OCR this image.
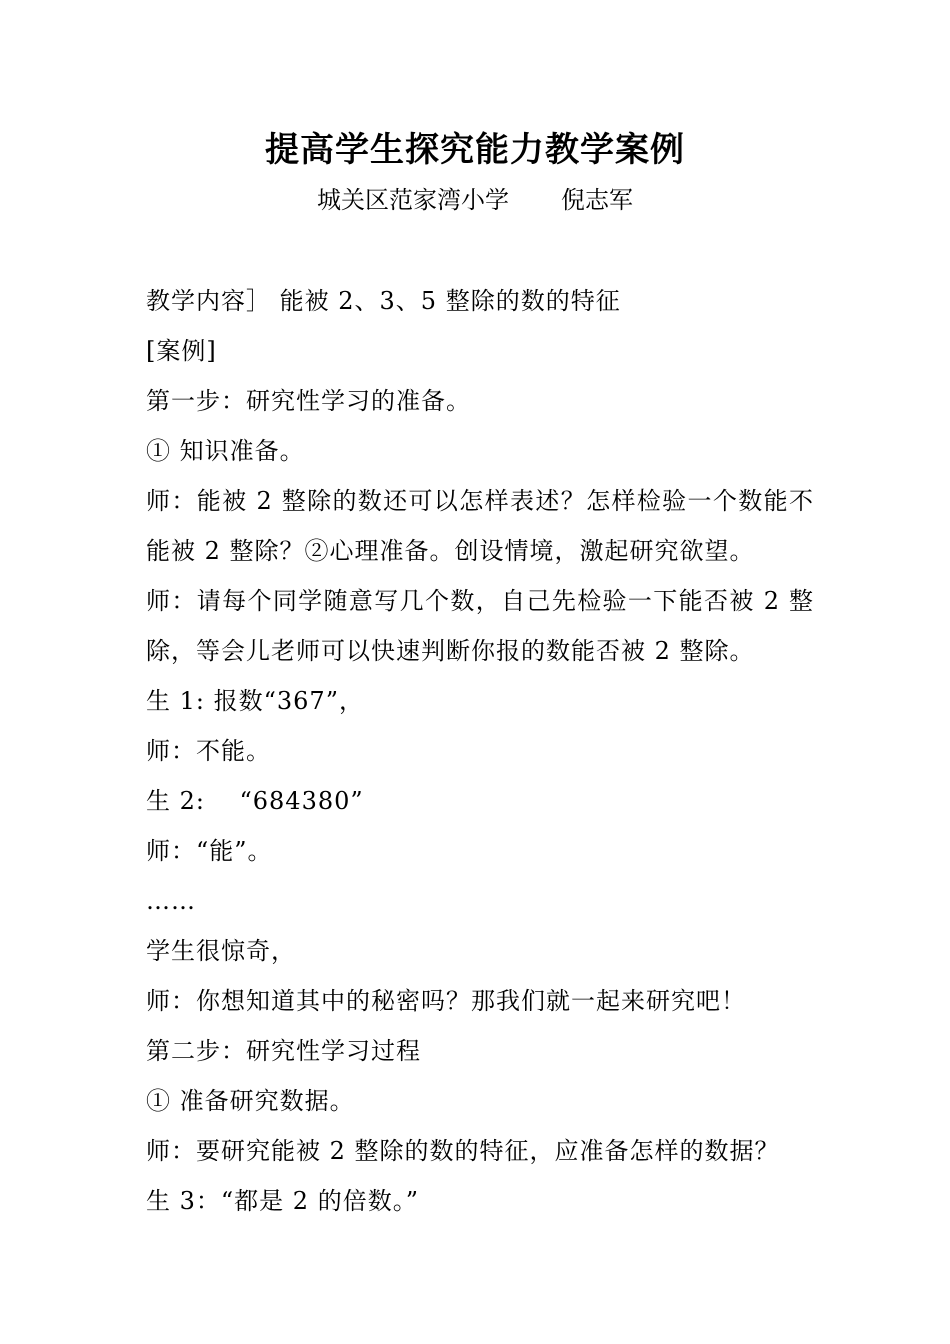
提高学生探究能力教学案例
城关区范家湾小学 倪志军

教学内容］ 能被 2、3、5 整除的数的特征

[案例]

第一步：研究性学习的准备。

① 知识准备。

师：能被 2 整除的数还可以怎样表述？怎样检验一个数能不能被 2 整除？②心理准备。创设情境，激起研究欲望。

师：请每个同学随意写几个数，自己先检验一下能否被 2 整除，等会儿老师可以快速判断你报的数能否被 2 整除。

生 1: 报数“367”，

师：不能。

生 2:    “684380”

师：“能”。

……

学生很惊奇，

师：你想知道其中的秘密吗？那我们就一起来研究吧！

第二步：研究性学习过程

① 准备研究数据。

师：要研究能被 2 整除的数的特征，应准备怎样的数据？

生 3：“都是 2 的倍数。”
